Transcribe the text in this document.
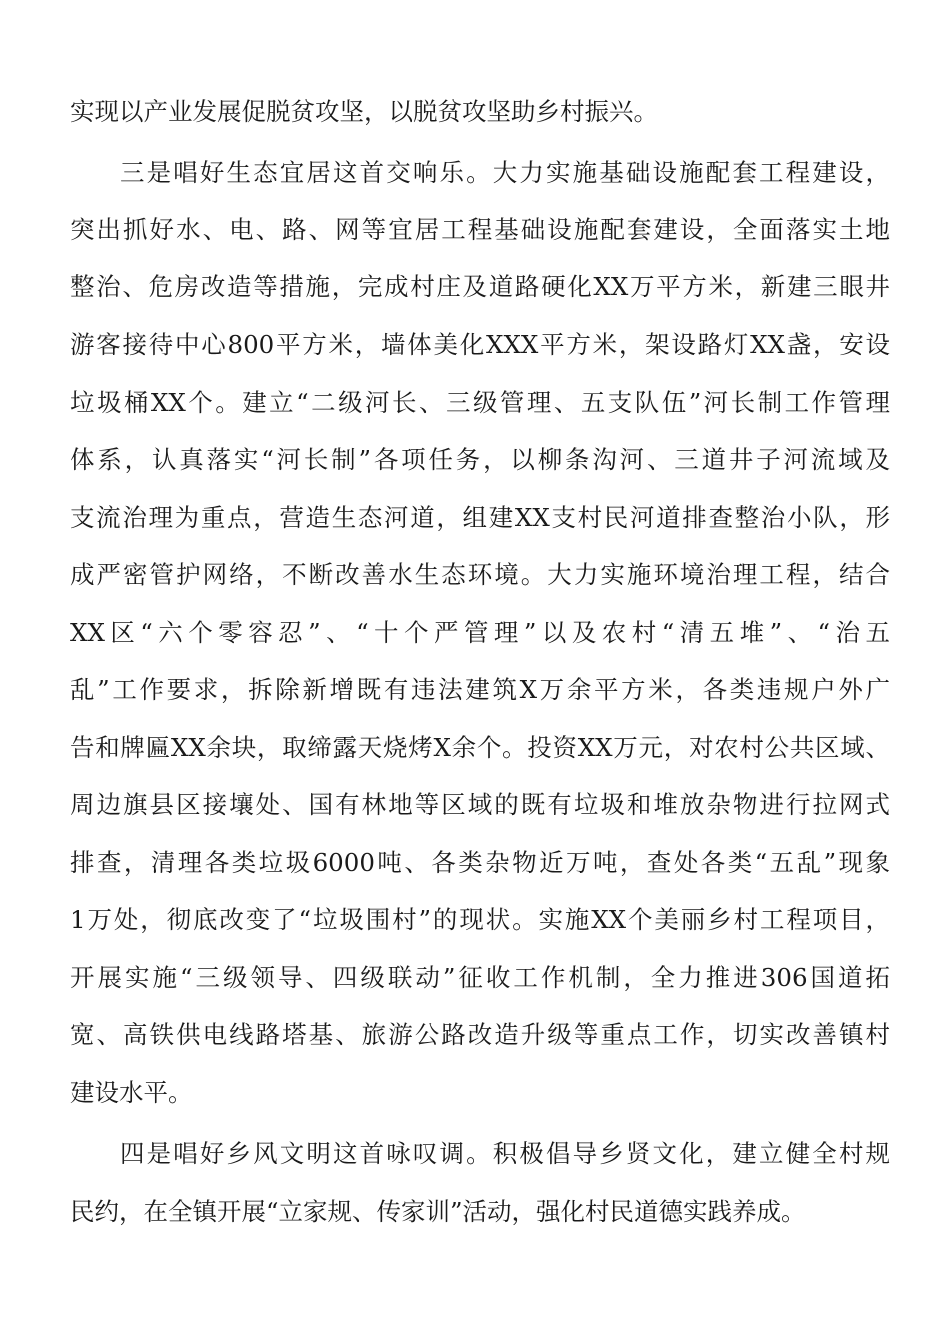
实现以产业发展促脱贫攻坚，以脱贫攻坚助乡村振兴。
三是唱好生态宜居这首交响乐。大力实施基础设施配套工程建设，
突出抓好水、电、路、网等宜居工程基础设施配套建设，全面落实土地
整治、危房改造等措施，完成村庄及道路硬化XX万平方米，新建三眼井
游客接待中心800平方米，墙体美化XXX平方米，架设路灯XX盏，安设
垃圾桶XX个。建立“二级河长、三级管理、五支队伍”河长制工作管理
体系，认真落实“河长制”各项任务，以柳条沟河、三道井子河流域及
支流治理为重点，营造生态河道，组建XX支村民河道排查整治小队，形
成严密管护网络，不断改善水生态环境。大力实施环境治理工程，结合
XX区“六个零容忍”、“十个严管理”以及农村“清五堆”、“治五
乱”工作要求，拆除新增既有违法建筑X万余平方米，各类违规户外广
告和牌匾XX余块，取缔露天烧烤X余个。投资XX万元，对农村公共区域、
周边旗县区接壤处、国有林地等区域的既有垃圾和堆放杂物进行拉网式
排查，清理各类垃圾6000吨、各类杂物近万吨，查处各类“五乱”现象
1万处，彻底改变了“垃圾围村”的现状。实施XX个美丽乡村工程项目，
开展实施“三级领导、四级联动”征收工作机制，全力推进306国道拓
宽、高铁供电线路塔基、旅游公路改造升级等重点工作，切实改善镇村
建设水平。
四是唱好乡风文明这首咏叹调。积极倡导乡贤文化，建立健全村规
民约，在全镇开展“立家规、传家训”活动，强化村民道德实践养成。
